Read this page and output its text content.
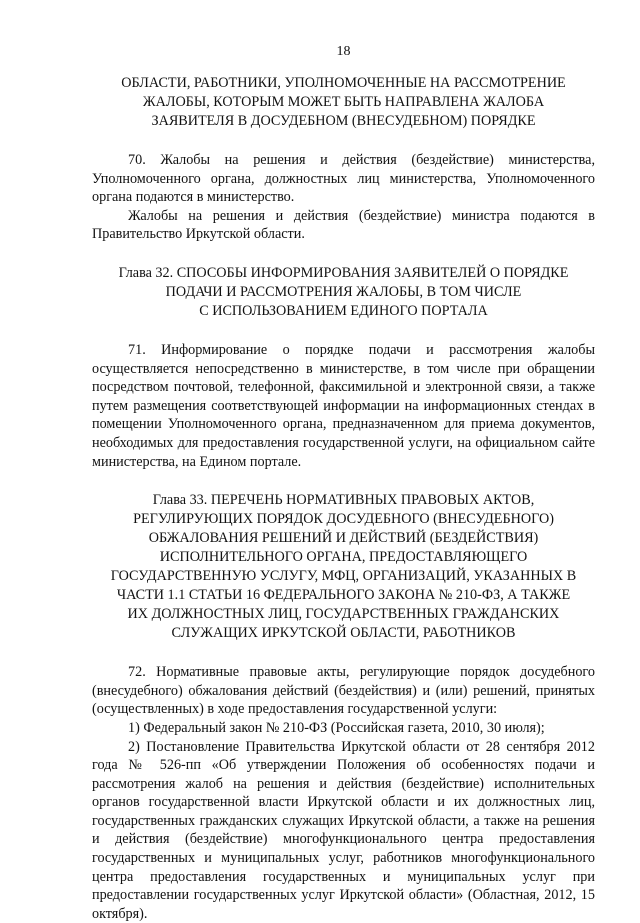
18
ОБЛАСТИ, РАБОТНИКИ, УПОЛНОМОЧЕННЫЕ НА РАССМОТРЕНИЕ
ЖАЛОБЫ, КОТОРЫМ МОЖЕТ БЫТЬ НАПРАВЛЕНА ЖАЛОБА
ЗАЯВИТЕЛЯ В ДОСУДЕБНОМ (ВНЕСУДЕБНОМ) ПОРЯДКЕ

70. Жалобы на решения и действия (бездействие) министерства, Уполномоченного органа, должностных лиц министерства, Уполномоченного органа подаются в министерство.

Жалобы на решения и действия (бездействие) министра подаются в Правительство Иркутской области.

Глава 32. СПОСОБЫ ИНФОРМИРОВАНИЯ ЗАЯВИТЕЛЕЙ О ПОРЯДКЕ
ПОДАЧИ И РАССМОТРЕНИЯ ЖАЛОБЫ, В ТОМ ЧИСЛЕ
С ИСПОЛЬЗОВАНИЕМ ЕДИНОГО ПОРТАЛА

71. Информирование о порядке подачи и рассмотрения жалобы осуществляется непосредственно в министерстве, в том числе при обращении посредством почтовой, телефонной, факсимильной и электронной связи, а также путем размещения соответствующей информации на информационных стендах в помещении Уполномоченного органа, предназначенном для приема документов, необходимых для предоставления государственной услуги, на официальном сайте министерства, на Едином портале.

Глава 33. ПЕРЕЧЕНЬ НОРМАТИВНЫХ ПРАВОВЫХ АКТОВ,
РЕГУЛИРУЮЩИХ ПОРЯДОК ДОСУДЕБНОГО (ВНЕСУДЕБНОГО)
ОБЖАЛОВАНИЯ РЕШЕНИЙ И ДЕЙСТВИЙ (БЕЗДЕЙСТВИЯ)
ИСПОЛНИТЕЛЬНОГО ОРГАНА, ПРЕДОСТАВЛЯЮЩЕГО
ГОСУДАРСТВЕННУЮ УСЛУГУ, МФЦ, ОРГАНИЗАЦИЙ, УКАЗАННЫХ В
ЧАСТИ 1.1 СТАТЬИ 16 ФЕДЕРАЛЬНОГО ЗАКОНА № 210-ФЗ, А ТАКЖЕ
ИХ ДОЛЖНОСТНЫХ ЛИЦ, ГОСУДАРСТВЕННЫХ ГРАЖДАНСКИХ
СЛУЖАЩИХ ИРКУТСКОЙ ОБЛАСТИ, РАБОТНИКОВ

72. Нормативные правовые акты, регулирующие порядок досудебного (внесудебного) обжалования действий (бездействия) и (или) решений, принятых (осуществленных) в ходе предоставления государственной услуги:

1) Федеральный закон № 210-ФЗ (Российская газета, 2010, 30 июля);

2) Постановление Правительства Иркутской области от 28 сентября 2012 года № 526-пп «Об утверждении Положения об особенностях подачи и рассмотрения жалоб на решения и действия (бездействие) исполнительных органов государственной власти Иркутской области и их должностных лиц, государственных гражданских служащих Иркутской области, а также на решения и действия (бездействие) многофункционального центра предоставления государственных и муниципальных услуг, работников многофункционального центра предоставления государственных и муниципальных услуг при предоставлении государственных услуг Иркутской области» (Областная, 2012, 15 октября).
